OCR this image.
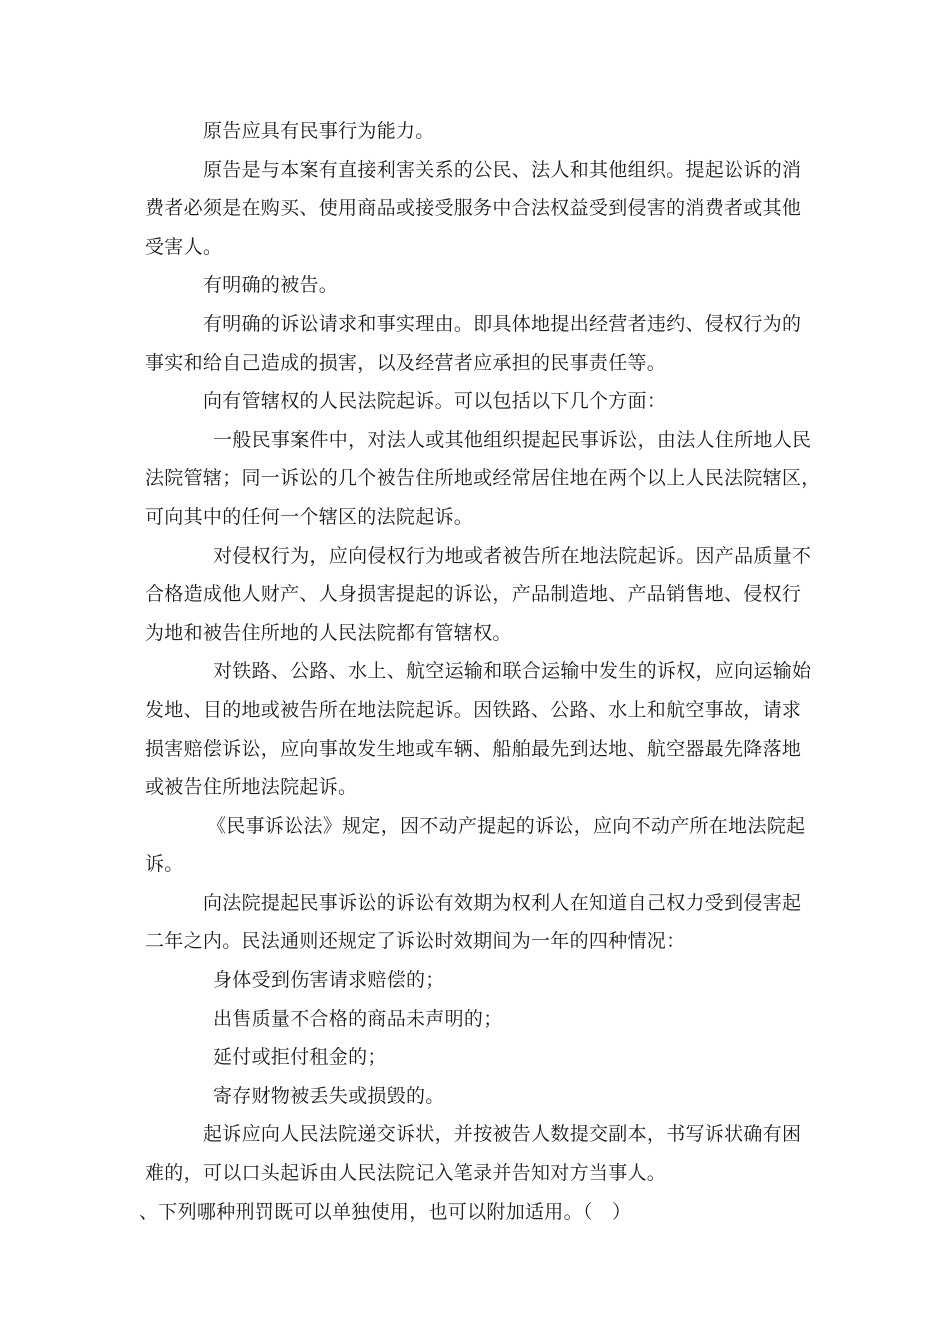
原告应具有民事行为能力。
原告是与本案有直接利害关系的公民、法人和其他组织。提起讼诉的消
费者必须是在购买、使用商品或接受服务中合法权益受到侵害的消费者或其他
受害人。
有明确的被告。
有明确的诉讼请求和事实理由。即具体地提出经营者违约、侵权行为的
事实和给自己造成的损害，以及经营者应承担的民事责任等。
向有管辖权的人民法院起诉。可以包括以下几个方面：
一般民事案件中，对法人或其他组织提起民事诉讼，由法人住所地人民
法院管辖；同一诉讼的几个被告住所地或经常居住地在两个以上人民法院辖区，
可向其中的任何一个辖区的法院起诉。
对侵权行为，应向侵权行为地或者被告所在地法院起诉。因产品质量不
合格造成他人财产、人身损害提起的诉讼，产品制造地、产品销售地、侵权行
为地和被告住所地的人民法院都有管辖权。
对铁路、公路、水上、航空运输和联合运输中发生的诉权，应向运输始
发地、目的地或被告所在地法院起诉。因铁路、公路、水上和航空事故，请求
损害赔偿诉讼，应向事故发生地或车辆、船舶最先到达地、航空器最先降落地
或被告住所地法院起诉。
《民事诉讼法》规定，因不动产提起的诉讼，应向不动产所在地法院起
诉。
向法院提起民事诉讼的诉讼有效期为权利人在知道自己权力受到侵害起
二年之内。民法通则还规定了诉讼时效期间为一年的四种情况：
身体受到伤害请求赔偿的；
出售质量不合格的商品未声明的；
延付或拒付租金的；
寄存财物被丢失或损毁的。
起诉应向人民法院递交诉状，并按被告人数提交副本，书写诉状确有困
难的，可以口头起诉由人民法院记入笔录并告知对方当事人。
、下列哪种刑罚既可以单独使用，也可以附加适用。（　）
